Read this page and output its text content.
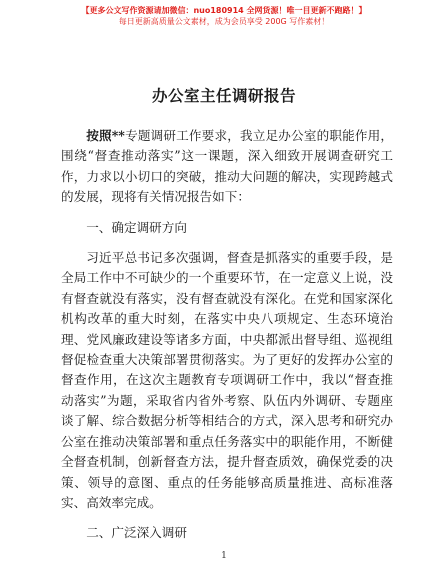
【更多公文写作资源请加微信：nuo180914 全网货源！唯一目更新不跑路！】
每日更新高质量公文素材，成为会员享受 200G 写作素材！
办公室主任调研报告

按照**专题调研工作要求，我立足办公室的职能作用，围绕“督查推动落实”这一课题，深入细致开展调查研究工作，力求以小切口的突破，推动大问题的解决，实现跨越式的发展，现将有关情况报告如下：

一、确定调研方向

习近平总书记多次强调，督查是抓落实的重要手段，是全局工作中不可缺少的一个重要环节，在一定意义上说，没有督查就没有落实，没有督查就没有深化。在党和国家深化机构改革的重大时刻，在落实中央八项规定、生态环境治理、党风廉政建设等诸多方面，中央都派出督导组、巡视组督促检查重大决策部署贯彻落实。为了更好的发挥办公室的督查作用，在这次主题教育专项调研工作中，我以“督查推动落实”为题，采取省内省外考察、队伍内外调研、专题座谈了解、综合数据分析等相结合的方式，深入思考和研究办公室在推动决策部署和重点任务落实中的职能作用，不断健全督查机制，创新督查方法，提升督查质效，确保党委的决策、领导的意图、重点的任务能够高质量推进、高标准落实、高效率完成。

二、广泛深入调研

1
